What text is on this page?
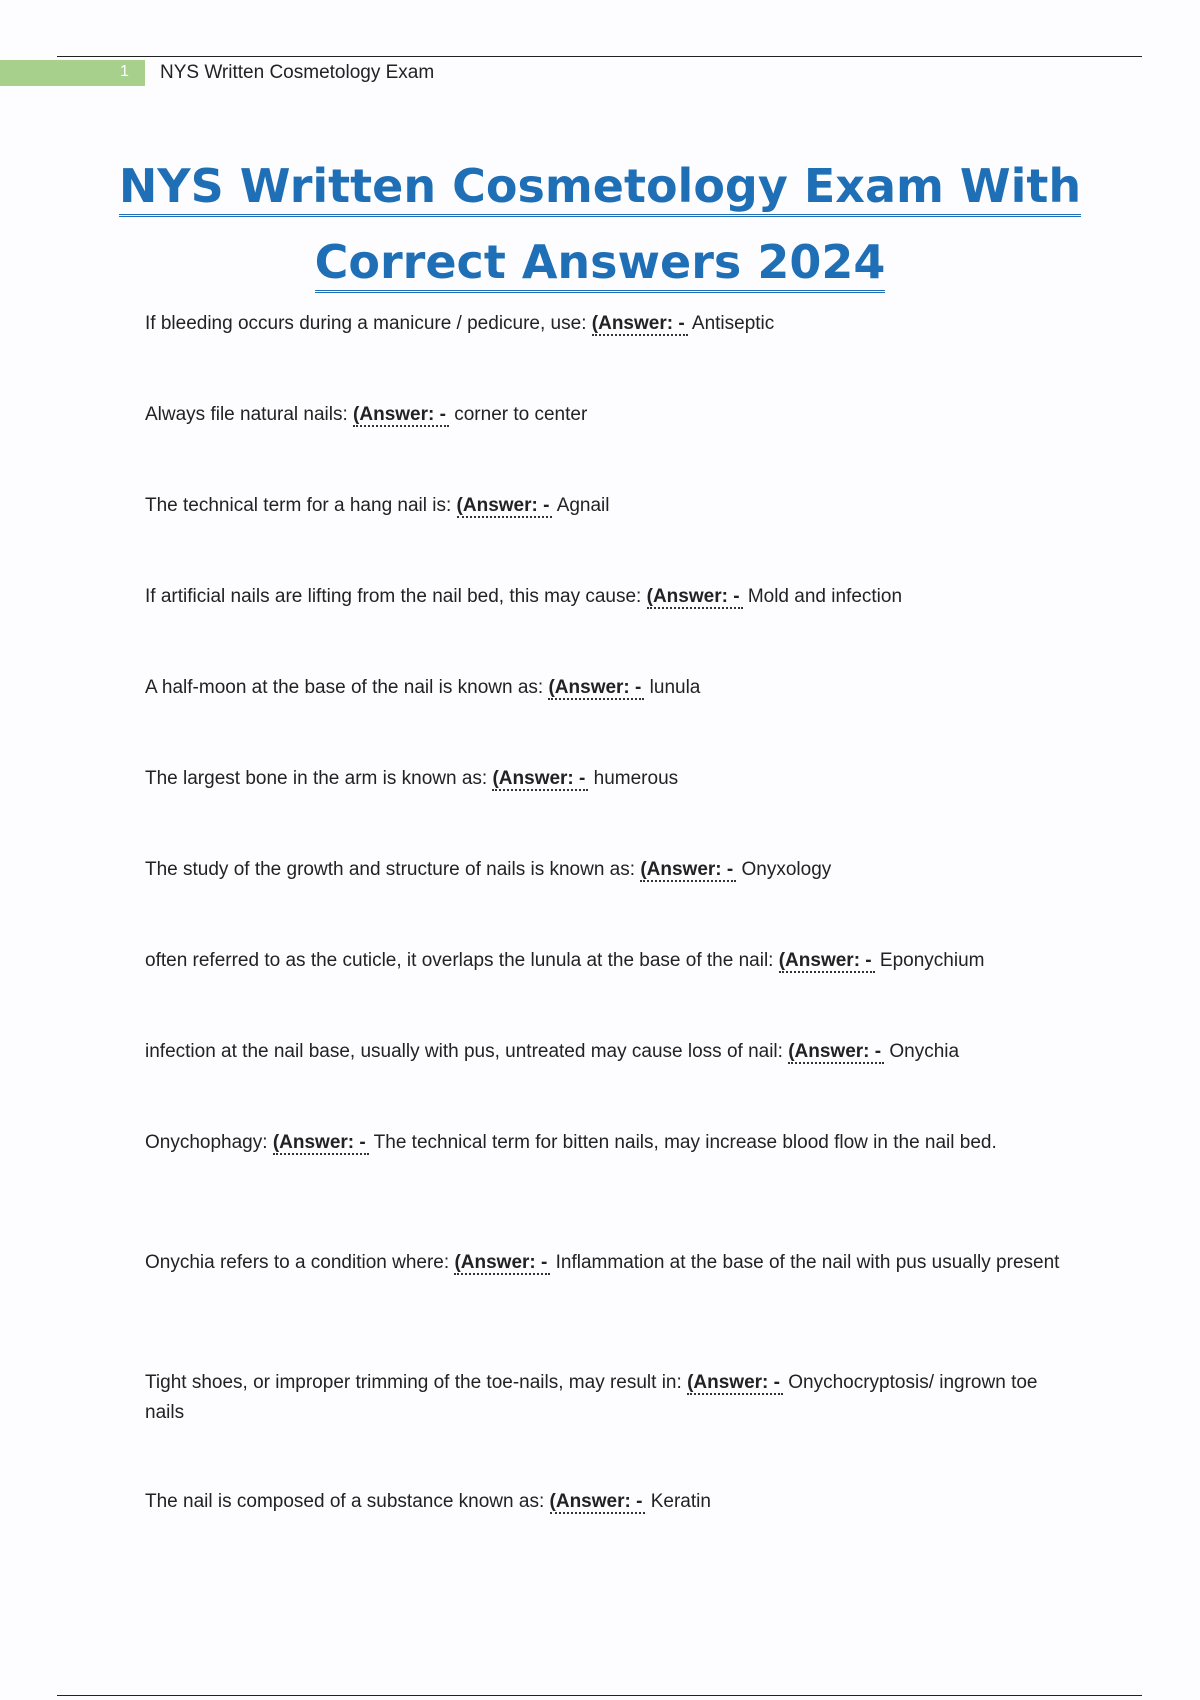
1 NYS Written Cosmetology Exam
NYS Written Cosmetology Exam With
Correct Answers 2024

If bleeding occurs during a manicure / pedicure, use: (Answer: - Antiseptic

Always file natural nails: (Answer: - corner to center

The technical term for a hang nail is: (Answer: - Agnail

If artificial nails are lifting from the nail bed, this may cause: (Answer: - Mold and infection

A half-moon at the base of the nail is known as: (Answer: - lunula

The largest bone in the arm is known as: (Answer: - humerous

The study of the growth and structure of nails is known as: (Answer: - Onyxology

often referred to as the cuticle, it overlaps the lunula at the base of the nail: (Answer: - Eponychium

infection at the nail base, usually with pus, untreated may cause loss of nail: (Answer: - Onychia

Onychophagy: (Answer: - The technical term for bitten nails, may increase blood flow in the nail bed.

Onychia refers to a condition where: (Answer: - Inflammation at the base of the nail with pus usually present

Tight shoes, or improper trimming of the toe-nails, may result in: (Answer: - Onychocryptosis/ ingrown toe nails

The nail is composed of a substance known as: (Answer: - Keratin
